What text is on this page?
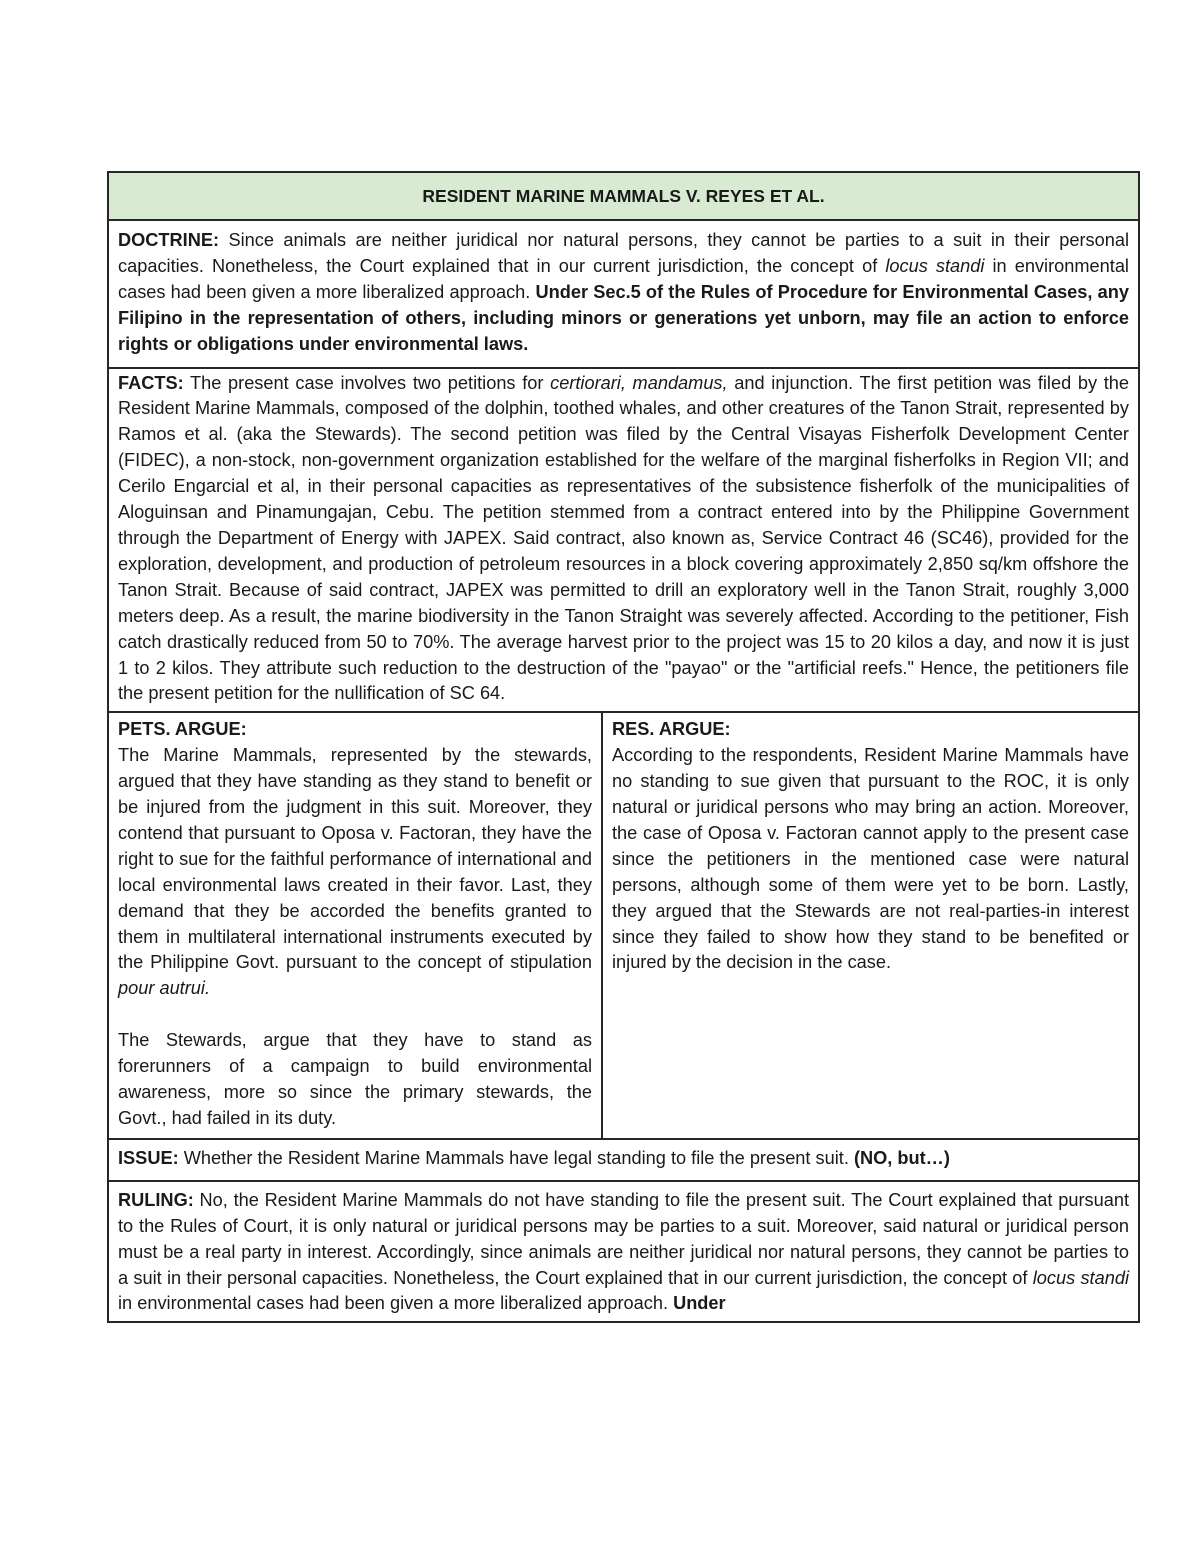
RESIDENT MARINE MAMMALS V. REYES ET AL.
DOCTRINE: Since animals are neither juridical nor natural persons, they cannot be parties to a suit in their personal capacities. Nonetheless, the Court explained that in our current jurisdiction, the concept of locus standi in environmental cases had been given a more liberalized approach. Under Sec.5 of the Rules of Procedure for Environmental Cases, any Filipino in the representation of others, including minors or generations yet unborn, may file an action to enforce rights or obligations under environmental laws.
FACTS: The present case involves two petitions for certiorari, mandamus, and injunction. The first petition was filed by the Resident Marine Mammals, composed of the dolphin, toothed whales, and other creatures of the Tanon Strait, represented by Ramos et al. (aka the Stewards). The second petition was filed by the Central Visayas Fisherfolk Development Center (FIDEC), a non-stock, non-government organization established for the welfare of the marginal fisherfolks in Region VII; and Cerilo Engarcial et al, in their personal capacities as representatives of the subsistence fisherfolk of the municipalities of Aloguinsan and Pinamungajan, Cebu. The petition stemmed from a contract entered into by the Philippine Government through the Department of Energy with JAPEX. Said contract, also known as, Service Contract 46 (SC46), provided for the exploration, development, and production of petroleum resources in a block covering approximately 2,850 sq/km offshore the Tanon Strait. Because of said contract, JAPEX was permitted to drill an exploratory well in the Tanon Strait, roughly 3,000 meters deep. As a result, the marine biodiversity in the Tanon Straight was severely affected. According to the petitioner, Fish catch drastically reduced from 50 to 70%. The average harvest prior to the project was 15 to 20 kilos a day, and now it is just 1 to 2 kilos. They attribute such reduction to the destruction of the "payao" or the "artificial reefs." Hence, the petitioners file the present petition for the nullification of SC 64.

PETS. ARGUE:
The Marine Mammals, represented by the stewards, argued that they have standing as they stand to benefit or be injured from the judgment in this suit. Moreover, they contend that pursuant to Oposa v. Factoran, they have the right to sue for the faithful performance of international and local environmental laws created in their favor. Last, they demand that they be accorded the benefits granted to them in multilateral international instruments executed by the Philippine Govt. pursuant to the concept of stipulation pour autrui.
The Stewards, argue that they have to stand as forerunners of a campaign to build environmental awareness, more so since the primary stewards, the Govt., had failed in its duty.

RES. ARGUE:
According to the respondents, Resident Marine Mammals have no standing to sue given that pursuant to the ROC, it is only natural or juridical persons who may bring an action. Moreover, the case of Oposa v. Factoran cannot apply to the present case since the petitioners in the mentioned case were natural persons, although some of them were yet to be born. Lastly, they argued that the Stewards are not real-parties-in interest since they failed to show how they stand to be benefited or injured by the decision in the case.

ISSUE: Whether the Resident Marine Mammals have legal standing to file the present suit. (NO, but…)
RULING: No, the Resident Marine Mammals do not have standing to file the present suit. The Court explained that pursuant to the Rules of Court, it is only natural or juridical persons may be parties to a suit. Moreover, said natural or juridical person must be a real party in interest. Accordingly, since animals are neither juridical nor natural persons, they cannot be parties to a suit in their personal capacities. Nonetheless, the Court explained that in our current jurisdiction, the concept of locus standi in environmental cases had been given a more liberalized approach. Under
